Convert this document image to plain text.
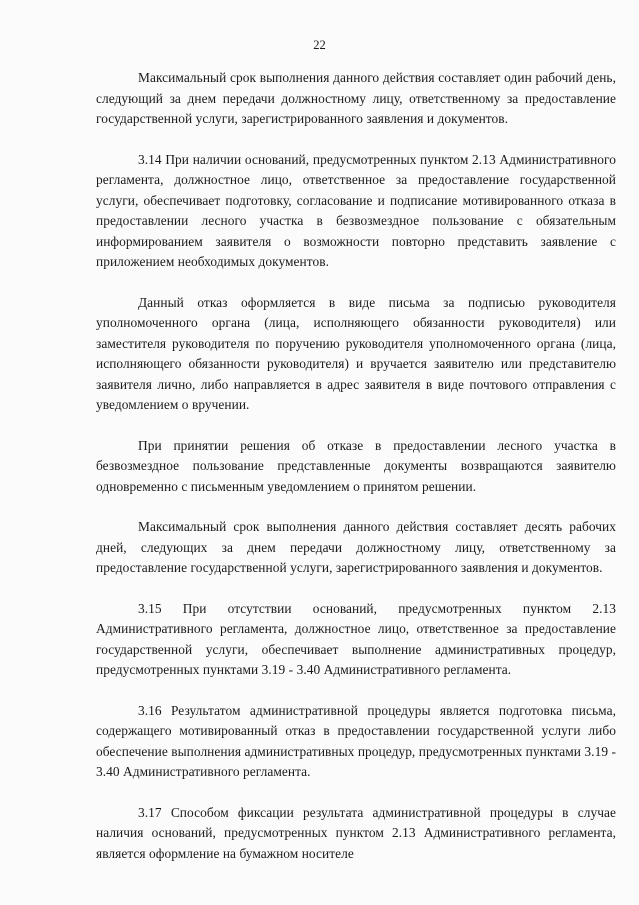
22

Максимальный срок выполнения данного действия составляет один рабочий день, следующий за днем передачи должностному лицу, ответственному за предоставление государственной услуги, зарегистрированного заявления и документов.

3.14 При наличии оснований, предусмотренных пунктом 2.13 Административного регламента, должностное лицо, ответственное за предоставление государственной услуги, обеспечивает подготовку, согласование и подписание мотивированного отказа в предоставлении лесного участка в безвозмездное пользование с обязательным информированием заявителя о возможности повторно представить заявление с приложением необходимых документов.

Данный отказ оформляется в виде письма за подписью руководителя уполномоченного органа (лица, исполняющего обязанности руководителя) или заместителя руководителя по поручению руководителя уполномоченного органа (лица, исполняющего обязанности руководителя) и вручается заявителю или представителю заявителя лично, либо направляется в адрес заявителя в виде почтового отправления с уведомлением о вручении.

При принятии решения об отказе в предоставлении лесного участка в безвозмездное пользование представленные документы возвращаются заявителю одновременно с письменным уведомлением о принятом решении.

Максимальный срок выполнения данного действия составляет десять рабочих дней, следующих за днем передачи должностному лицу, ответственному за предоставление государственной услуги, зарегистрированного заявления и документов.

3.15 При отсутствии оснований, предусмотренных пунктом 2.13 Административного регламента, должностное лицо, ответственное за предоставление государственной услуги, обеспечивает выполнение административных процедур, предусмотренных пунктами 3.19 - 3.40 Административного регламента.

3.16 Результатом административной процедуры является подготовка письма, содержащего мотивированный отказ в предоставлении государственной услуги либо обеспечение выполнения административных процедур, предусмотренных пунктами 3.19 - 3.40 Административного регламента.

3.17 Способом фиксации результата административной процедуры в случае наличия оснований, предусмотренных пунктом 2.13 Административного регламента, является оформление на бумажном носителе
